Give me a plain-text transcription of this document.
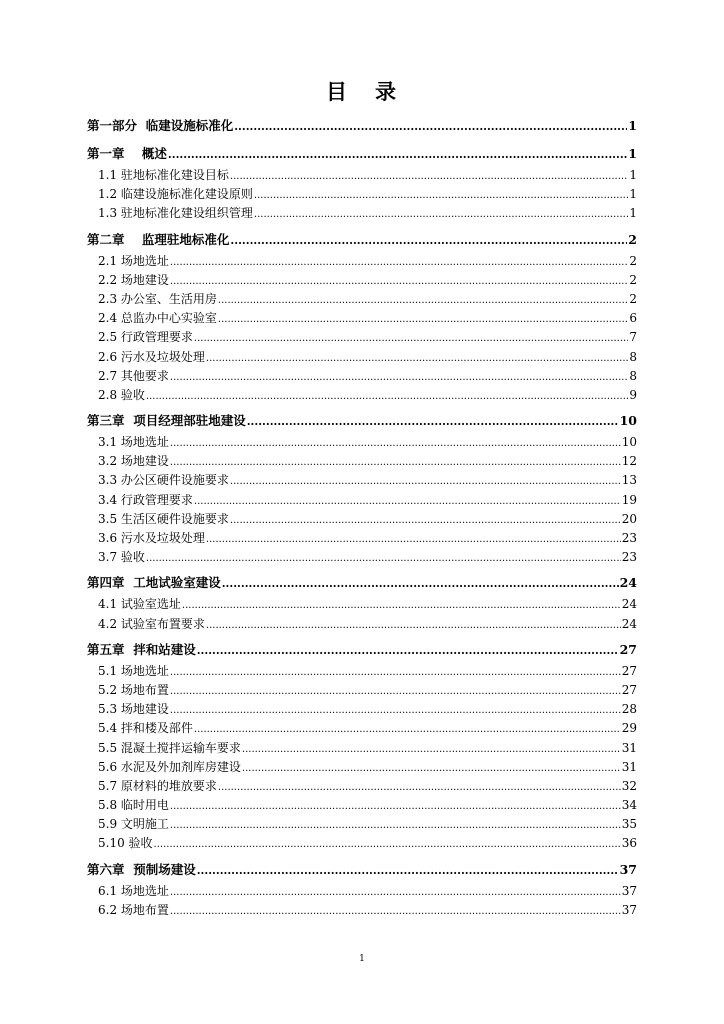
目 录
第一部分  临建设施标准化 .....	1
第一章    概述 .....	1
1.1 驻地标准化建设目标 .....	1
1.2 临建设施标准化建设原则 .....	1
1.3 驻地标准化建设组织管理 .....	1
第二章    监理驻地标准化 .....	2
2.1 场地选址 .....	2
2.2 场地建设 .....	2
2.3 办公室、生活用房 .....	2
2.4 总监办中心实验室 .....	6
2.5 行政管理要求 .....	7
2.6 污水及垃圾处理 .....	8
2.7 其他要求 .....	8
2.8 验收 .....	9
第三章  项目经理部驻地建设 .....	10
3.1 场地选址 .....	10
3.2 场地建设 .....	12
3.3 办公区硬件设施要求 .....	13
3.4 行政管理要求 .....	19
3.5 生活区硬件设施要求 .....	20
3.6 污水及垃圾处理 .....	23
3.7 验收 .....	23
第四章  工地试验室建设 .....	24
4.1 试验室选址 .....	24
4.2 试验室布置要求 .....	24
第五章  拌和站建设 .....	27
5.1 场地选址 .....	27
5.2 场地布置 .....	27
5.3 场地建设 .....	28
5.4 拌和楼及部件 .....	29
5.5 混凝土搅拌运输车要求 .....	31
5.6 水泥及外加剂库房建设 .....	31
5.7 原材料的堆放要求 .....	32
5.8 临时用电 .....	34
5.9 文明施工 .....	35
5.10 验收 .....	36
第六章  预制场建设 .....	37
6.1 场地选址 .....	37
6.2 场地布置 .....	37
1
